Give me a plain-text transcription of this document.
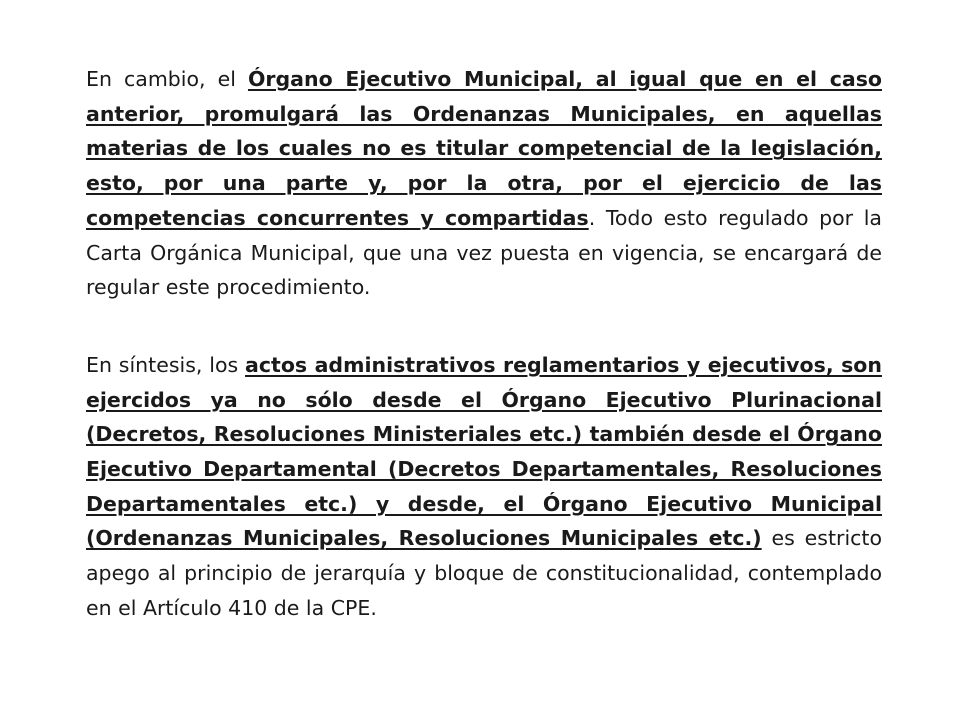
En cambio, el Órgano Ejecutivo Municipal, al igual que en el caso anterior, promulgará las Ordenanzas Municipales, en aquellas materias de los cuales no es titular competencial de la legislación, esto, por una parte y, por la otra, por el ejercicio de las competencias concurrentes y compartidas. Todo esto regulado por la Carta Orgánica Municipal, que una vez puesta en vigencia, se encargará de regular este procedimiento.

En síntesis, los actos administrativos reglamentarios y ejecutivos, son ejercidos ya no sólo desde el Órgano Ejecutivo Plurinacional (Decretos, Resoluciones Ministeriales etc.) también desde el Órgano Ejecutivo Departamental (Decretos Departamentales, Resoluciones Departamentales etc.) y desde, el Órgano Ejecutivo Municipal (Ordenanzas Municipales, Resoluciones Municipales etc.) es estricto apego al principio de jerarquía y bloque de constitucionalidad, contemplado en el Artículo 410 de la CPE.
